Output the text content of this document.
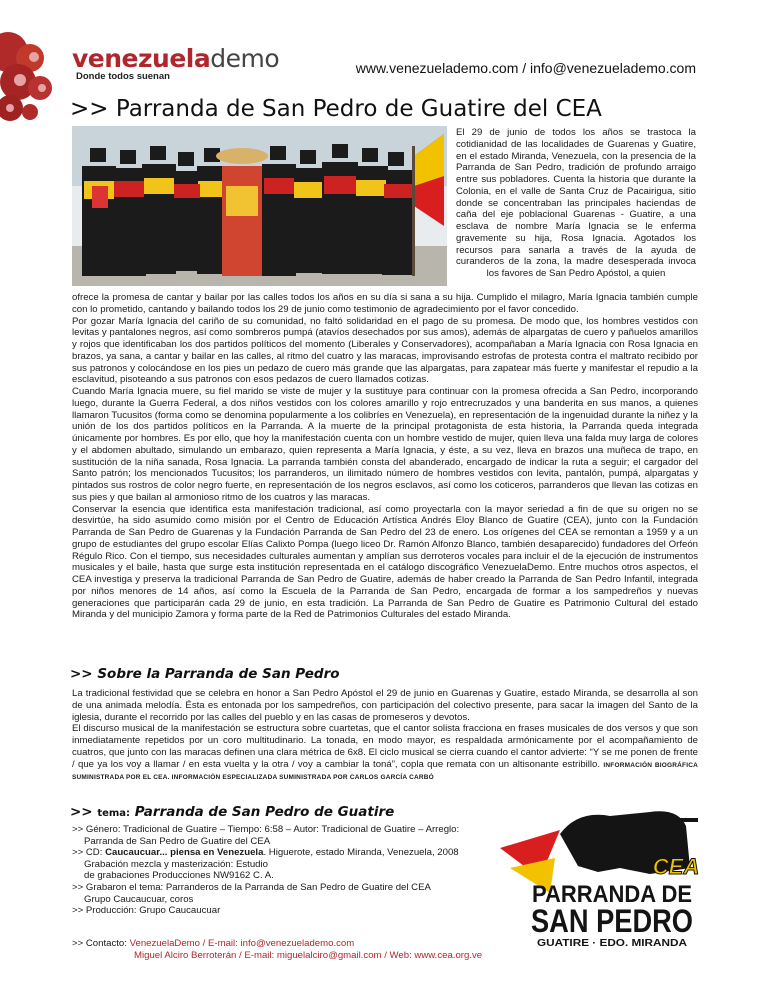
venezuelademo
Donde todos suenan
www.venezuelademo.com / info@venezuelademo.com
>> Parranda de San Pedro de Guatire del CEA
El 29 de junio de todos los años se trastoca la cotidianidad de las localidades de Guarenas y Guatire, en el estado Miranda, Venezuela, con la presencia de la Parranda de San Pedro, tradición de profundo arraigo entre sus pobladores. Cuenta la historia que durante la Colonia, en el valle de Santa Cruz de Pacairigua, sitio donde se concentraban las principales haciendas de caña del eje poblacional Guarenas - Guatire, a una esclava de nombre María Ignacia se le enferma gravemente su hija, Rosa Ignacia. Agotados los recursos para sanarla a través de la ayuda de curanderos de la zona, la madre desesperada invoca los favores de San Pedro Apóstol, a quien

ofrece la promesa de cantar y bailar por las calles todos los años en su día si sana a su hija. Cumplido el milagro, María Ignacia también cumple con lo prometido, cantando y bailando todos los 29 de junio como testimonio de agradecimiento por el favor concedido.

Por gozar María Ignacia del cariño de su comunidad, no faltó solidaridad en el pago de su promesa. De modo que, los hombres vestidos con levitas y pantalones negros, así como sombreros pumpá (atavíos desechados por sus amos), además de alpargatas de cuero y pañuelos amarillos y rojos que identificaban los dos partidos políticos del momento (Liberales y Conservadores), acompañaban a María Ignacia con Rosa Ignacia en brazos, ya sana, a cantar y bailar en las calles, al ritmo del cuatro y las maracas, improvisando estrofas de protesta contra el maltrato recibido por sus patronos y colocándose en los pies un pedazo de cuero más grande que las alpargatas, para zapatear más fuerte y manifestar el repudio a la esclavitud, pisoteando a sus patronos con esos pedazos de cuero llamados cotizas.

Cuando María Ignacia muere, su fiel marido se viste de mujer y la sustituye para continuar con la promesa ofrecida a San Pedro, incorporando luego, durante la Guerra Federal, a dos niños vestidos con los colores amarillo y rojo entrecruzados y una banderita en sus manos, a quienes llamaron Tucusitos (forma como se denomina popularmente a los colibríes en Venezuela), en representación de la ingenuidad durante la niñez y la unión de los dos partidos políticos en la Parranda. A la muerte de la principal protagonista de esta historia, la Parranda queda integrada únicamente por hombres. Es por ello, que hoy la manifestación cuenta con un hombre vestido de mujer, quien lleva una falda muy larga de colores y el abdomen abultado, simulando un embarazo, quien representa a María Ignacia, y éste, a su vez, lleva en brazos una muñeca de trapo, en sustitución de la niña sanada, Rosa Ignacia. La parranda también consta del abanderado, encargado de indicar la ruta a seguir; el cargador del Santo patrón; los mencionados Tucusitos; los parranderos, un ilimitado número de hombres vestidos con levita, pantalón, pumpá, alpargatas y pintados sus rostros de color negro fuerte, en representación de los negros esclavos, así como los coticeros, parranderos que llevan las cotizas en sus pies y que bailan al armonioso ritmo de los cuatros y las maracas.

Conservar la esencia que identifica esta manifestación tradicional, así como proyectarla con la mayor seriedad a fin de que su origen no se desvirtúe, ha sido asumido como misión por el Centro de Educación Artística Andrés Eloy Blanco de Guatire (CEA), junto con la Fundación Parranda de San Pedro de Guarenas y la Fundación Parranda de San Pedro del 23 de enero. Los orígenes del CEA se remontan a 1959 y a un grupo de estudiantes del grupo escolar Elías Calixto Pompa (luego liceo Dr. Ramón Alfonzo Blanco, también desaparecido) fundadores del Orfeón Régulo Rico. Con el tiempo, sus necesidades culturales aumentan y amplían sus derroteros vocales para incluir el de la ejecución de instrumentos musicales y el baile, hasta que surge esta institución representada en el catálogo discográfico VenezuelaDemo. Entre muchos otros aspectos, el CEA investiga y preserva la tradicional Parranda de San Pedro de Guatire, además de haber creado la Parranda de San Pedro Infantil, integrada por niños menores de 14 años, así como la Escuela de la Parranda de San Pedro, encargada de formar a los sampedreños y nuevas generaciones que participarán cada 29 de junio, en esta tradición. La Parranda de San Pedro de Guatire es Patrimonio Cultural del estado Miranda y del municipio Zamora y forma parte de la Red de Patrimonios Culturales del estado Miranda.

>> Sobre la Parranda de San Pedro

La tradicional festividad que se celebra en honor a San Pedro Apóstol el 29 de junio en Guarenas y Guatire, estado Miranda, se desarrolla al son de una animada melodía. Ésta es entonada por los sampedreños, con participación del colectivo presente, para sacar la imagen del Santo de la iglesia, durante el recorrido por las calles del pueblo y en las casas de promeseros y devotos.

El discurso musical de la manifestación se estructura sobre cuartetas, que el cantor solista fracciona en frases musicales de dos versos y que son inmediatamente repetidos por un coro multitudinario. La tonada, en modo mayor, es respaldada armónicamente por el acompañamiento de cuatros, que junto con las maracas definen una clara métrica de 6x8. El ciclo musical se cierra cuando el cantor advierte: “Y se me ponen de frente / que ya los voy a llamar / en esta vuelta y la otra / voy a cambiar la toná”, copla que remata con un altisonante estribillo. INFORMACIÓN BIOGRÁFICA SUMINISTRADA POR EL CEA. INFORMACIÓN ESPECIALIZADA SUMINISTRADA POR CARLOS GARCÍA CARBÓ

>> tema: Parranda de San Pedro de Guatire
>> Género: Tradicional de Guatire – Tiempo: 6:58 – Autor: Tradicional de Guatire – Arreglo:
Parranda de San Pedro de Guatire del CEA
>> CD: Caucaucuar... piensa en Venezuela. Higuerote, estado Miranda, Venezuela, 2008
Grabación mezcla y masterización: Estudio
de grabaciones Producciones NW9162 C. A.
>> Grabaron el tema: Parranderos de la Parranda de San Pedro de Guatire del CEA
Grupo Caucaucuar, coros
>> Producción: Grupo Caucaucuar
>> Contacto: VenezuelaDemo / E-mail: info@venezuelademo.com
Miguel Alciro Berroterán / E-mail: miguelalciro@gmail.com / Web: www.cea.org.ve
CEA
PARRANDA DE
SAN PEDRO
GUATIRE · EDO. MIRANDA
